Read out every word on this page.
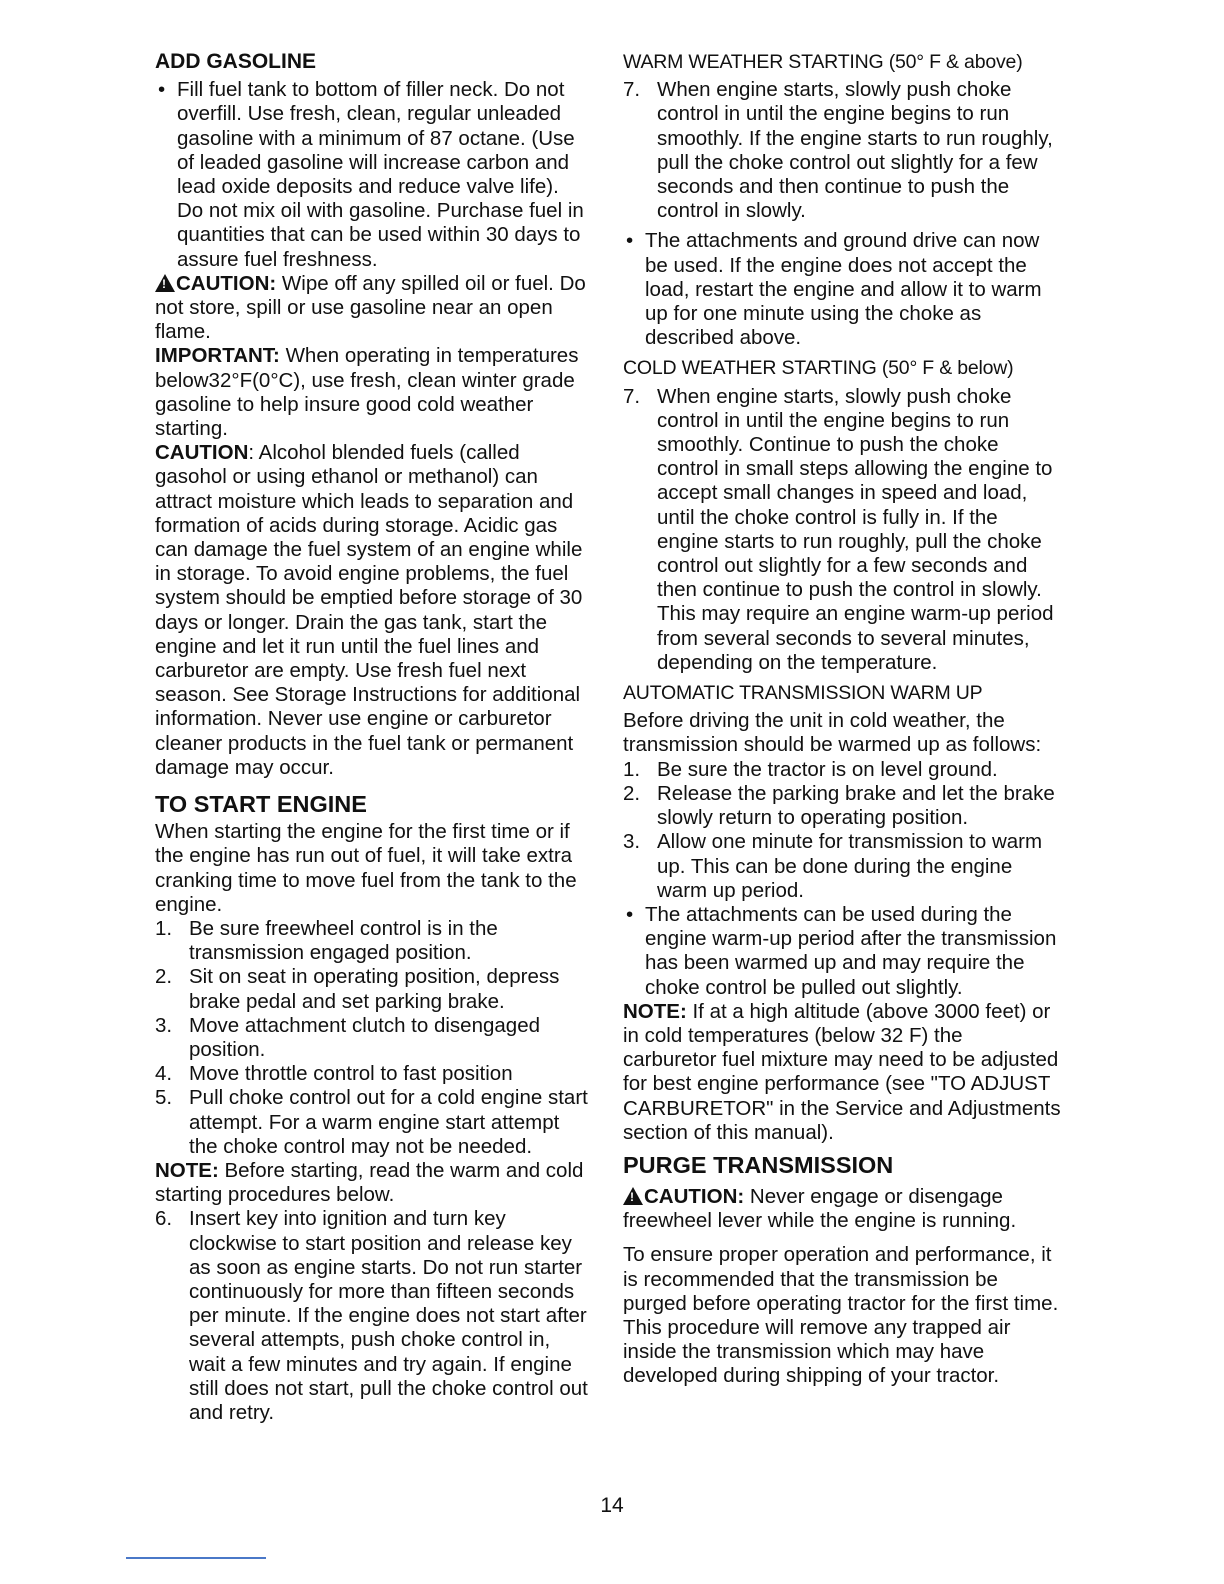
ADD GASOLINE

• Fill fuel tank to bottom of filler neck. Do not overfill. Use fresh, clean, regular unleaded gasoline with a minimum of 87 octane. (Use of leaded gasoline will increase carbon and lead oxide deposits and reduce valve life). Do not mix oil with gasoline. Purchase fuel in quantities that can be used within 30 days to assure fuel freshness.

!CAUTION: Wipe off any spilled oil or fuel. Do not store, spill or use gasoline near an open flame.

IMPORTANT: When operating in temperatures below32°F(0°C), use fresh, clean winter grade gasoline to help insure good cold weather starting.

CAUTION: Alcohol blended fuels (called gasohol or using ethanol or methanol) can attract moisture which leads to separation and formation of acids during storage. Acidic gas can damage the fuel system of an engine while in storage. To avoid engine problems, the fuel system should be emptied before storage of 30 days or longer. Drain the gas tank, start the engine and let it run until the fuel lines and carburetor are empty. Use fresh fuel next season. See Storage Instructions for additional information. Never use engine or carburetor cleaner products in the fuel tank or permanent damage may occur.

TO START ENGINE

When starting the engine for the first time or if the engine has run out of fuel, it will take extra cranking time to move fuel from the tank to the engine.

1. Be sure freewheel control is in the transmission engaged position.

2. Sit on seat in operating position, depress brake pedal and set parking brake.

3. Move attachment clutch to disengaged position.

4. Move throttle control to fast position

5. Pull choke control out for a cold engine start attempt. For a warm engine start attempt the choke control may not be needed.

NOTE: Before starting, read the warm and cold starting procedures below.

6. Insert key into ignition and turn key clockwise to start position and release key as soon as engine starts. Do not run starter continuously for more than fifteen seconds per minute. If the engine does not start after several attempts, push choke control in, wait a few minutes and try again. If engine still does not start, pull the choke control out and retry.

WARM WEATHER STARTING (50° F & above)

7. When engine starts, slowly push choke control in until the engine begins to run smoothly. If the engine starts to run roughly, pull the choke control out slightly for a few seconds and then continue to push the control in slowly.

• The attachments and ground drive can now be used. If the engine does not accept the load, restart the engine and allow it to warm up for one minute using the choke as described above.

COLD WEATHER STARTING (50° F & below)

7. When engine starts, slowly push choke control in until the engine begins to run smoothly. Continue to push the choke control in small steps allowing the engine to accept small changes in speed and load, until the choke control is fully in. If the engine starts to run roughly, pull the choke control out slightly for a few seconds and then continue to push the control in slowly. This may require an engine warm-up period from several seconds to several minutes, depending on the temperature.

AUTOMATIC TRANSMISSION WARM UP

Before driving the unit in cold weather, the transmission should be warmed up as follows:

1. Be sure the tractor is on level ground.

2. Release the parking brake and let the brake slowly return to operating position.

3. Allow one minute for transmission to warm up. This can be done during the engine warm up period.

• The attachments can be used during the engine warm-up period after the transmission has been warmed up and may require the choke control be pulled out slightly.

NOTE: If at a high altitude (above 3000 feet) or in cold temperatures (below 32 F) the carburetor fuel mixture may need to be adjusted for best engine performance (see "TO ADJUST CARBURETOR" in the Service and Adjustments section of this manual).

PURGE TRANSMISSION

!CAUTION: Never engage or disengage freewheel lever while the engine is running.

To ensure proper operation and performance, it is recommended that the transmission be purged before operating tractor for the first time. This procedure will remove any trapped air inside the transmission which may have developed during shipping of your tractor.

14
